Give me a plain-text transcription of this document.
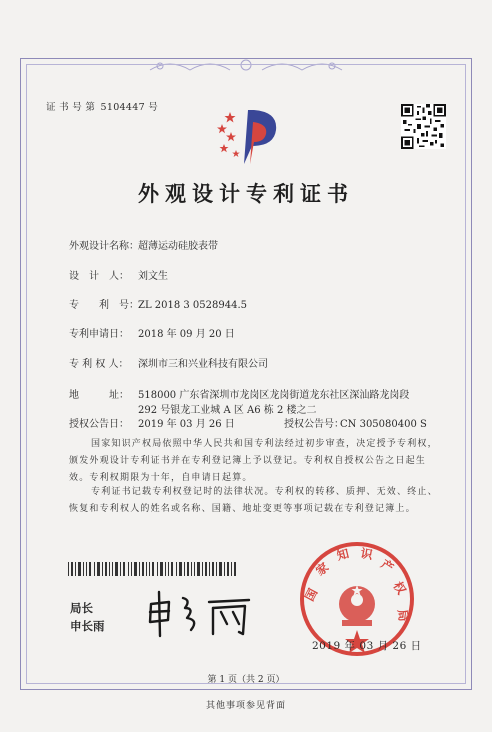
证 书 号 第 5104447 号
外观设计专利证书
外观设计名称：超薄运动硅胶表带
设　计　人： 刘文生
专　　利　号：ZL 2018 3 0528944.5
专利申请日： 2018 年 09 月 20 日
专 利 权 人： 深圳市三和兴业科技有限公司
地　　　址： 518000 广东省深圳市龙岗区龙岗街道龙东社区深汕路龙岗段 292 号银龙工业城 A 区 A6 栋 2 楼之二
授权公告日： 2019 年 03 月 26 日	授权公告号：CN 305080400 S
国家知识产权局依照中华人民共和国专利法经过初步审查，决定授予专利权，颁发外观设计专利证书并在专利登记簿上予以登记。专利权自授权公告之日起生效。专利权期限为十年，自申请日起算。
专利证书记载专利权登记时的法律状况。专利权的转移、质押、无效、终止、恢复和专利权人的姓名或名称、国籍、地址变更等事项记载在专利登记簿上。
局长
申长雨
国
家
知 识
产
权
局
2019 年 03 月 26 日
第 1 页（共 2 页）
其他事项参见背面
